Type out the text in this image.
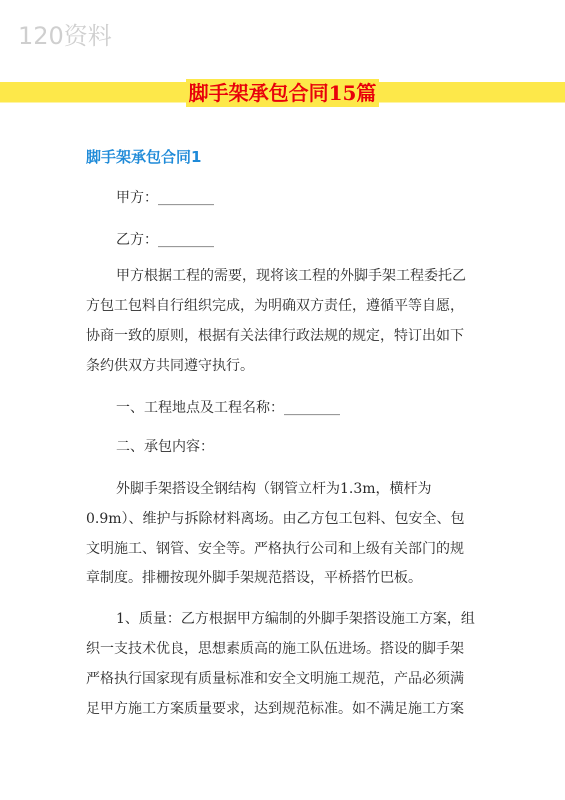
120资料
脚手架承包合同15篇
脚手架承包合同1
甲方：________
乙方：________
甲方根据工程的需要，现将该工程的外脚手架工程委托乙
方包工包料自行组织完成，为明确双方责任，遵循平等自愿，
协商一致的原则，根据有关法律行政法规的规定，特订出如下
条约供双方共同遵守执行。
一、工程地点及工程名称：________
二、承包内容：
外脚手架搭设全钢结构（钢管立杆为1.3m，横杆为
0.9m）、维护与拆除材料离场。由乙方包工包料、包安全、包
文明施工、钢管、安全等。严格执行公司和上级有关部门的规
章制度。排栅按现外脚手架规范搭设，平桥搭竹巴板。
1、质量：乙方根据甲方编制的外脚手架搭设施工方案，组
织一支技术优良，思想素质高的施工队伍进场。搭设的脚手架
严格执行国家现有质量标准和安全文明施工规范，产品必须满
足甲方施工方案质量要求，达到规范标准。如不满足施工方案
